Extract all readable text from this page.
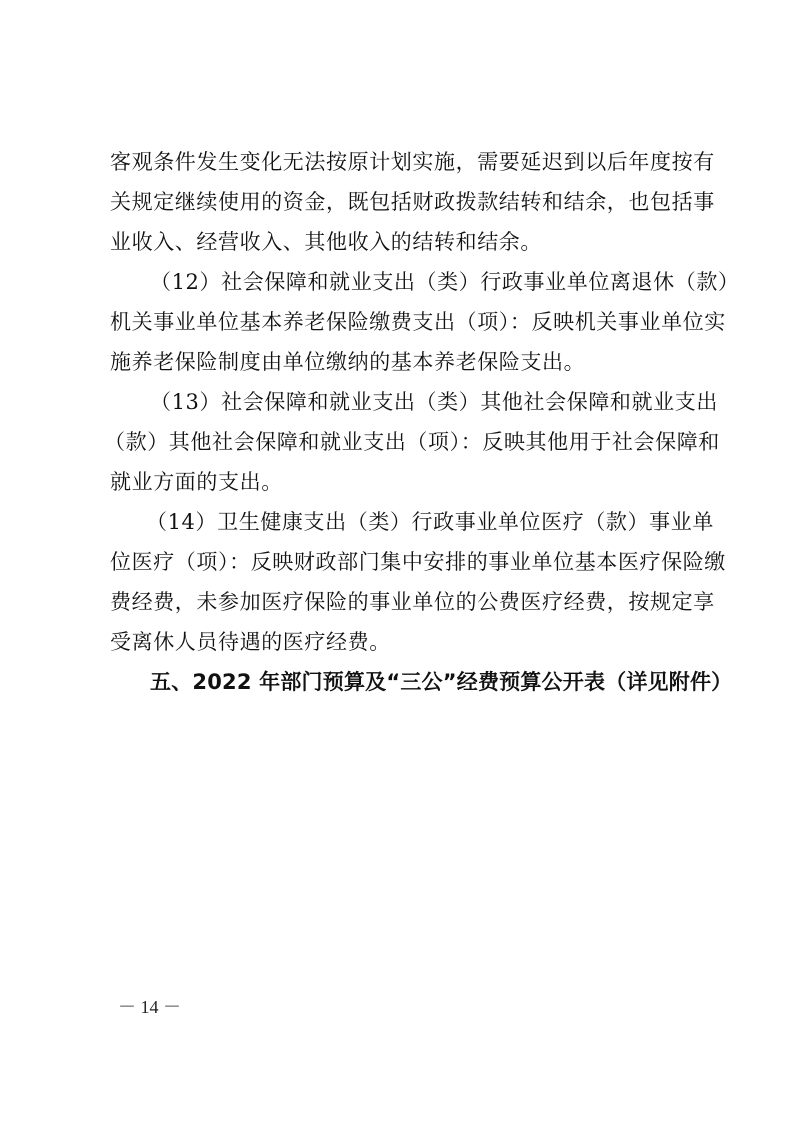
客观条件发生变化无法按原计划实施，需要延迟到以后年度按有
关规定继续使用的资金，既包括财政拨款结转和结余，也包括事
业收入、经营收入、其他收入的结转和结余。
（12）社会保障和就业支出（类）行政事业单位离退休（款）
机关事业单位基本养老保险缴费支出（项）：反映机关事业单位实
施养老保险制度由单位缴纳的基本养老保险支出。
（13）社会保障和就业支出（类）其他社会保障和就业支出
（款）其他社会保障和就业支出（项）：反映其他用于社会保障和
就业方面的支出。
（14）卫生健康支出（类）行政事业单位医疗（款）事业单
位医疗（项）：反映财政部门集中安排的事业单位基本医疗保险缴
费经费，未参加医疗保险的事业单位的公费医疗经费，按规定享
受离休人员待遇的医疗经费。
五、2022 年部门预算及“三公”经费预算公开表（详见附件）
－ 14 －
